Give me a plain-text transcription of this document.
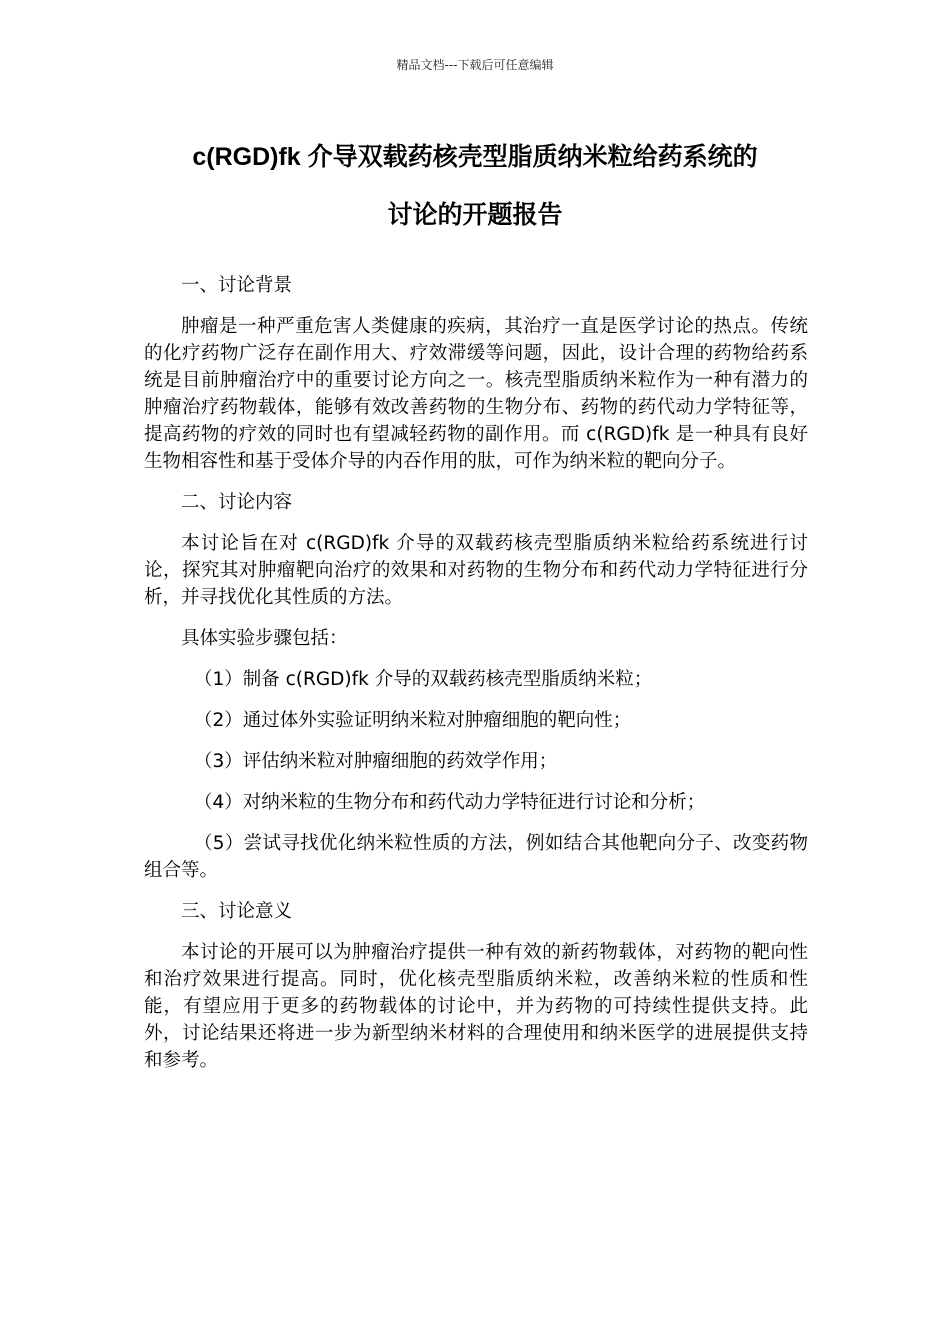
精品文档---下载后可任意编辑
c(RGD)fk 介导双载药核壳型脂质纳米粒给药系统的
讨论的开题报告
一、讨论背景

肿瘤是一种严重危害人类健康的疾病，其治疗一直是医学讨论的热点。传统的化疗药物广泛存在副作用大、疗效滞缓等问题，因此，设计合理的药物给药系统是目前肿瘤治疗中的重要讨论方向之一。核壳型脂质纳米粒作为一种有潜力的肿瘤治疗药物载体，能够有效改善药物的生物分布、药物的药代动力学特征等，提高药物的疗效的同时也有望减轻药物的副作用。而 c(RGD)fk 是一种具有良好生物相容性和基于受体介导的内吞作用的肽，可作为纳米粒的靶向分子。

二、讨论内容

本讨论旨在对 c(RGD)fk 介导的双载药核壳型脂质纳米粒给药系统进行讨论，探究其对肿瘤靶向治疗的效果和对药物的生物分布和药代动力学特征进行分析，并寻找优化其性质的方法。

具体实验步骤包括：

（1）制备 c(RGD)fk 介导的双载药核壳型脂质纳米粒；

（2）通过体外实验证明纳米粒对肿瘤细胞的靶向性；

（3）评估纳米粒对肿瘤细胞的药效学作用；

（4）对纳米粒的生物分布和药代动力学特征进行讨论和分析；

（5）尝试寻找优化纳米粒性质的方法，例如结合其他靶向分子、改变药物组合等。

三、讨论意义

本讨论的开展可以为肿瘤治疗提供一种有效的新药物载体，对药物的靶向性和治疗效果进行提高。同时，优化核壳型脂质纳米粒，改善纳米粒的性质和性能，有望应用于更多的药物载体的讨论中，并为药物的可持续性提供支持。此外，讨论结果还将进一步为新型纳米材料的合理使用和纳米医学的进展提供支持和参考。
